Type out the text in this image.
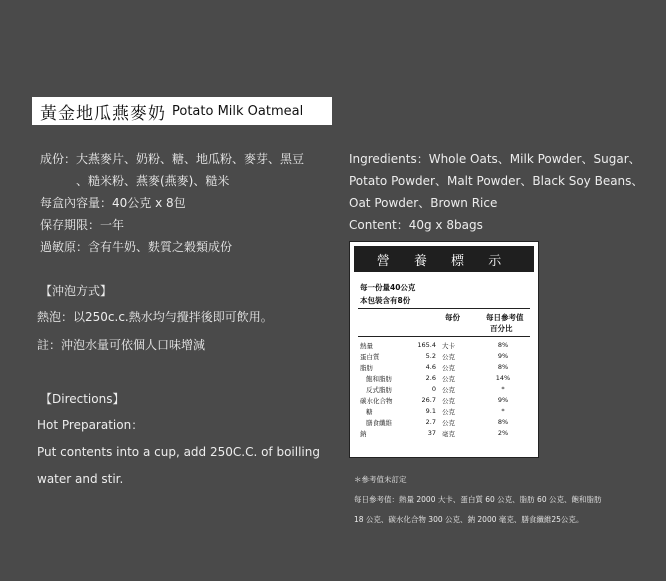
黃金地瓜燕麥奶 Potato Milk Oatmeal
成份：大燕麥片、奶粉、糖、地瓜粉、麥芽、黑豆
、糙米粉、燕麥(燕麥)、糙米
每盒內容量：40公克 x 8包
保存期限：一年
過敏原：含有牛奶、麩質之穀類成份
【沖泡方式】
熱泡：以250c.c.熱水均勻攪拌後即可飲用。
註：沖泡水量可依個人口味增減
【Directions】
Hot Preparation：
Put contents into a cup, add 250C.C. of boilling
water and stir.
Ingredients：Whole Oats、Milk Powder、Sugar、
Potato Powder、Malt Powder、Black Soy Beans、
Oat Powder、Brown Rice
Content：40g x 8bags
營 養 標 示
每一份量40公克
本包裝含有8份
每份	每日參考值
百分比
熱量	165.4 大卡	8%
蛋白質	5.2 公克	9%
脂肪	4.6 公克	8%
飽和脂肪	2.6 公克	14%
反式脂肪	0 公克	*
碳水化合物	26.7 公克	9%
糖	9.1 公克	*
膳食纖維	2.7 公克	8%
鈉	37 毫克	2%
＊參考值未訂定
每日參考值：熱量 2000 大卡、蛋白質 60 公克、脂肪 60 公克、飽和脂肪
18 公克、碳水化合物 300 公克、鈉 2000 毫克、膳食纖維25公克。
